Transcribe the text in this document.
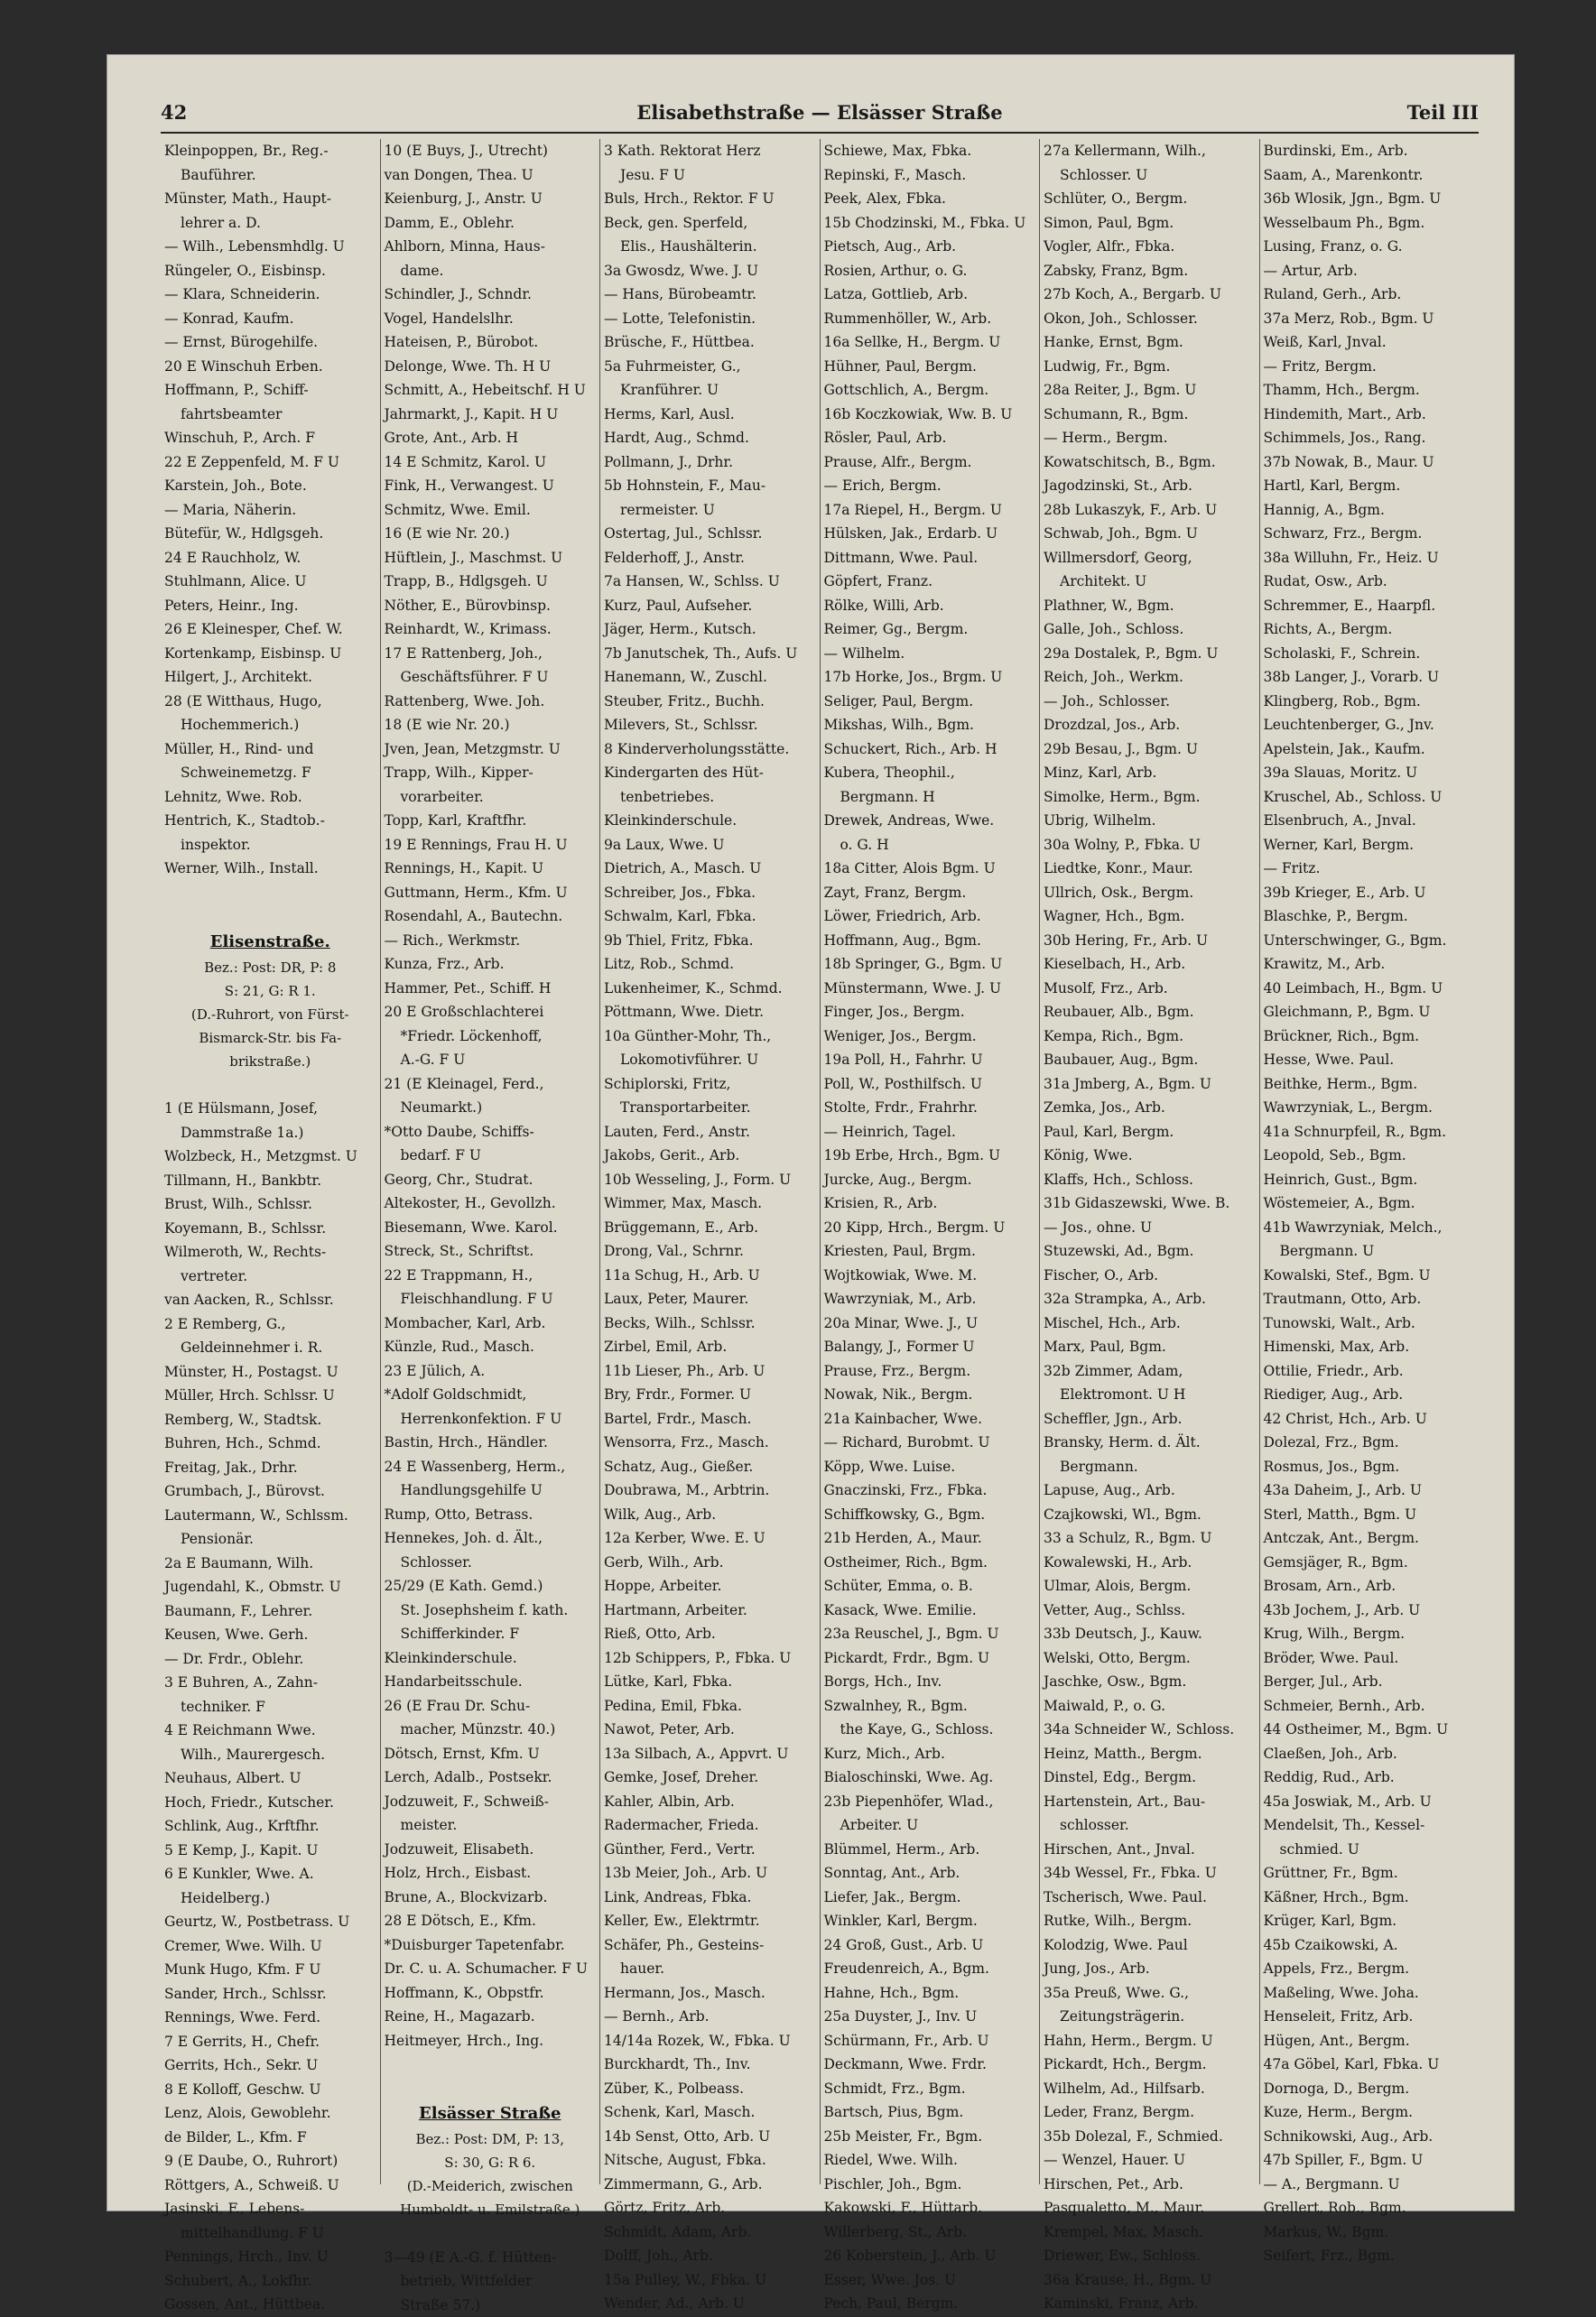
42	Elisabethstraße — Elsässer Straße	Teil III
Kleinpoppen, Br., Reg.-
Bauführer.
Münster, Math., Haupt-
lehrer a. D.
— Wilh., Lebensmhdlg. U
Rüngeler, O., Eisbinsp.
— Klara, Schneiderin.
— Konrad, Kaufm.
— Ernst, Bürogehilfe.
20 E Winschuh Erben.
Hoffmann, P., Schiff-
fahrtsbeamter
Winschuh, P., Arch. F
22 E Zeppenfeld, M. F U
Karstein, Joh., Bote.
— Maria, Näherin.
Bütefür, W., Hdlgsgeh.
24 E Rauchholz, W.
Stuhlmann, Alice. U
Peters, Heinr., Ing.
26 E Kleinesper, Chef. W.
Kortenkamp, Eisbinsp. U
Hilgert, J., Architekt.
28 (E Witthaus, Hugo,
Hochemmerich.)
Müller, H., Rind- und
Schweinemetzg. F
Lehnitz, Wwe. Rob.
Hentrich, K., Stadtob.-
inspektor.
Werner, Wilh., Install.
Elisenstraße.
Bez.: Post: DR, P: 8
S: 21, G: R 1.
(D.-Ruhrort, von Fürst-
Bismarck-Str. bis Fa-
brikstraße.)
1 (E Hülsmann, Josef,
Dammstraße 1a.)
Wolzbeck, H., Metzgmst. U
Tillmann, H., Bankbtr.
Brust, Wilh., Schlssr.
Koyemann, B., Schlssr.
Wilmeroth, W., Rechts-
vertreter.
van Aacken, R., Schlssr.
2 E Remberg, G.,
Geldeinnehmer i. R.
Münster, H., Postagst. U
Müller, Hrch. Schlssr. U
Remberg, W., Stadtsk.
Buhren, Hch., Schmd.
Freitag, Jak., Drhr.
Grumbach, J., Bürovst.
Lautermann, W., Schlssm.
Pensionär.
2a E Baumann, Wilh.
Jugendahl, K., Obmstr. U
Baumann, F., Lehrer.
Keusen, Wwe. Gerh.
— Dr. Frdr., Oblehr.
3 E Buhren, A., Zahn-
techniker. F
4 E Reichmann Wwe.
Wilh., Maurergesch.
Neuhaus, Albert. U
Hoch, Friedr., Kutscher.
Schlink, Aug., Krftfhr.
5 E Kemp, J., Kapit. U
6 E Kunkler, Wwe. A.
Heidelberg.)
Geurtz, W., Postbetrass. U
Cremer, Wwe. Wilh. U
Munk Hugo, Kfm. F U
Sander, Hrch., Schlssr.
Rennings, Wwe. Ferd.
7 E Gerrits, H., Chefr.
Gerrits, Hch., Sekr. U
8 E Kolloff, Geschw. U
Lenz, Alois, Gewoblehr.
de Bilder, L., Kfm. F
9 (E Daube, O., Ruhrort)
Röttgers, A., Schweiß. U
Jasinski, F., Lebens-
mittelhandlung. F U
Pennings, Hrch., Inv. U
Schubert, A., Lokfhr.
Gossen, Ant., Hüttbea.
10 (E Buys, J., Utrecht)
van Dongen, Thea. U
Keienburg, J., Anstr. U
Damm, E., Oblehr.
Ahlborn, Minna, Haus-
dame.
Schindler, J., Schndr.
Vogel, Handelslhr.
Hateisen, P., Bürobot.
Delonge, Wwe. Th. H U
Schmitt, A., Hebeitschf. H U
Jahrmarkt, J., Kapit. H U
Grote, Ant., Arb. H
14 E Schmitz, Karol. U
Fink, H., Verwangest. U
Schmitz, Wwe. Emil.
16 (E wie Nr. 20.)
Hüftlein, J., Maschmst. U
Trapp, B., Hdlgsgeh. U
Nöther, E., Bürovbinsp.
Reinhardt, W., Krimass.
17 E Rattenberg, Joh.,
Geschäftsführer. F U
Rattenberg, Wwe. Joh.
18 (E wie Nr. 20.)
Jven, Jean, Metzgmstr. U
Trapp, Wilh., Kipper-
vorarbeiter.
Topp, Karl, Kraftfhr.
19 E Rennings, Frau H. U
Rennings, H., Kapit. U
Guttmann, Herm., Kfm. U
Rosendahl, A., Bautechn.
— Rich., Werkmstr.
Kunza, Frz., Arb.
Hammer, Pet., Schiff. H
20 E Großschlachterei
*Friedr. Löckenhoff,
A.-G. F U
21 (E Kleinagel, Ferd.,
Neumarkt.)
*Otto Daube, Schiffs-
bedarf. F U
Georg, Chr., Studrat.
Altekoster, H., Gevollzh.
Biesemann, Wwe. Karol.
Streck, St., Schriftst.
22 E Trappmann, H.,
Fleischhandlung. F U
Mombacher, Karl, Arb.
Künzle, Rud., Masch.
23 E Jülich, A.
*Adolf Goldschmidt,
Herrenkonfektion. F U
Bastin, Hrch., Händler.
24 E Wassenberg, Herm.,
Handlungsgehilfe U
Rump, Otto, Betrass.
Hennekes, Joh. d. Ält.,
Schlosser.
25/29 (E Kath. Gemd.)
St. Josephsheim f. kath.
Schifferkinder. F
Kleinkinderschule.
Handarbeitsschule.
26 (E Frau Dr. Schu-
macher, Münzstr. 40.)
Dötsch, Ernst, Kfm. U
Lerch, Adalb., Postsekr.
Jodzuweit, F., Schweiß-
meister.
Jodzuweit, Elisabeth.
Holz, Hrch., Eisbast.
Brune, A., Blockvizarb.
28 E Dötsch, E., Kfm.
*Duisburger Tapetenfabr.
Dr. C. u. A. Schumacher. F U
Hoffmann, K., Obpstfr.
Reine, H., Magazarb.
Heitmeyer, Hrch., Ing.
Elsässer Straße
Bez.: Post: DM, P: 13,
S: 30, G: R 6.
(D.-Meiderich, zwischen
Humboldt- u. Emilstraße.)
3—49 (E A.-G. f. Hütten-
betrieb, Wittfelder
Straße 57.)
3 Kath. Rektorat Herz
Jesu. F U
Buls, Hrch., Rektor. F U
Beck, gen. Sperfeld,
Elis., Haushälterin.
3a Gwosdz, Wwe. J. U
— Hans, Bürobeamtr.
— Lotte, Telefonistin.
Brüsche, F., Hüttbea.
5a Fuhrmeister, G.,
Kranführer. U
Herms, Karl, Ausl.
Hardt, Aug., Schmd.
Pollmann, J., Drhr.
5b Hohnstein, F., Mau-
rermeister. U
Ostertag, Jul., Schlssr.
Felderhoff, J., Anstr.
7a Hansen, W., Schlss. U
Kurz, Paul, Aufseher.
Jäger, Herm., Kutsch.
7b Janutschek, Th., Aufs. U
Hanemann, W., Zuschl.
Steuber, Fritz., Buchh.
Milevers, St., Schlssr.
8 Kinderverholungsstätte.
Kindergarten des Hüt-
tenbetriebes.
Kleinkinderschule.
9a Laux, Wwe. U
Dietrich, A., Masch. U
Schreiber, Jos., Fbka.
Schwalm, Karl, Fbka.
9b Thiel, Fritz, Fbka.
Litz, Rob., Schmd.
Lukenheimer, K., Schmd.
Pöttmann, Wwe. Dietr.
10a Günther-Mohr, Th.,
Lokomotivführer. U
Schiplorski, Fritz,
Transportarbeiter.
Lauten, Ferd., Anstr.
Jakobs, Gerit., Arb.
10b Wesseling, J., Form. U
Wimmer, Max, Masch.
Brüggemann, E., Arb.
Drong, Val., Schrnr.
11a Schug, H., Arb. U
Laux, Peter, Maurer.
Becks, Wilh., Schlssr.
Zirbel, Emil, Arb.
11b Lieser, Ph., Arb. U
Bry, Frdr., Former. U
Bartel, Frdr., Masch.
Wensorra, Frz., Masch.
Schatz, Aug., Gießer.
Doubrawa, M., Arbtrin.
Wilk, Aug., Arb.
12a Kerber, Wwe. E. U
Gerb, Wilh., Arb.
Hoppe, Arbeiter.
Hartmann, Arbeiter.
Rieß, Otto, Arb.
12b Schippers, P., Fbka. U
Lütke, Karl, Fbka.
Pedina, Emil, Fbka.
Nawot, Peter, Arb.
13a Silbach, A., Appvrt. U
Gemke, Josef, Dreher.
Kahler, Albin, Arb.
Radermacher, Frieda.
Günther, Ferd., Vertr.
13b Meier, Joh., Arb. U
Link, Andreas, Fbka.
Keller, Ew., Elektrmtr.
Schäfer, Ph., Gesteins-
hauer.
Hermann, Jos., Masch.
— Bernh., Arb.
14/14a Rozek, W., Fbka. U
Burckhardt, Th., Inv.
Züber, K., Polbeass.
Schenk, Karl, Masch.
14b Senst, Otto, Arb. U
Nitsche, August, Fbka.
Zimmermann, G., Arb.
Görtz, Fritz, Arb.
Schmidt, Adam, Arb.
Dolff, Joh., Arb.
15a Pulley, W., Fbka. U
Wender, Ad., Arb. U
Schiewe, Max, Fbka.
Repinski, F., Masch.
Peek, Alex, Fbka.
15b Chodzinski, M., Fbka. U
Pietsch, Aug., Arb.
Rosien, Arthur, o. G.
Latza, Gottlieb, Arb.
Rummenhöller, W., Arb.
16a Sellke, H., Bergm. U
Hühner, Paul, Bergm.
Gottschlich, A., Bergm.
16b Koczkowiak, Ww. B. U
Rösler, Paul, Arb.
Prause, Alfr., Bergm.
— Erich, Bergm.
17a Riepel, H., Bergm. U
Hülsken, Jak., Erdarb. U
Dittmann, Wwe. Paul.
Göpfert, Franz.
Rölke, Willi, Arb.
Reimer, Gg., Bergm.
— Wilhelm.
17b Horke, Jos., Brgm. U
Seliger, Paul, Bergm.
Mikshas, Wilh., Bgm.
Schuckert, Rich., Arb. H
Kubera, Theophil.,
Bergmann. H
Drewek, Andreas, Wwe.
o. G. H
18a Citter, Alois Bgm. U
Zayt, Franz, Bergm.
Löwer, Friedrich, Arb.
Hoffmann, Aug., Bgm.
18b Springer, G., Bgm. U
Münstermann, Wwe. J. U
Finger, Jos., Bergm.
Weniger, Jos., Bergm.
19a Poll, H., Fahrhr. U
Poll, W., Posthilfsch. U
Stolte, Frdr., Frahrhr.
— Heinrich, Tagel.
19b Erbe, Hrch., Bgm. U
Jurcke, Aug., Bergm.
Krisien, R., Arb.
20 Kipp, Hrch., Bergm. U
Kriesten, Paul, Brgm.
Wojtkowiak, Wwe. M.
Wawrzyniak, M., Arb.
20a Minar, Wwe. J., U
Balangy, J., Former U
Prause, Frz., Bergm.
Nowak, Nik., Bergm.
21a Kainbacher, Wwe.
— Richard, Burobmt. U
Köpp, Wwe. Luise.
Gnaczinski, Frz., Fbka.
Schiffkowsky, G., Bgm.
21b Herden, A., Maur.
Ostheimer, Rich., Bgm.
Schüter, Emma, o. B.
Kasack, Wwe. Emilie.
23a Reuschel, J., Bgm. U
Pickardt, Frdr., Bgm. U
Borgs, Hch., Inv.
Szwalnhey, R., Bgm.
the Kaye, G., Schloss.
Kurz, Mich., Arb.
Bialoschinski, Wwe. Ag.
23b Piepenhöfer, Wlad.,
Arbeiter. U
Blümmel, Herm., Arb.
Sonntag, Ant., Arb.
Liefer, Jak., Bergm.
Winkler, Karl, Bergm.
24 Groß, Gust., Arb. U
Freudenreich, A., Bgm.
Hahne, Hch., Bgm.
25a Duyster, J., Inv. U
Schürmann, Fr., Arb. U
Deckmann, Wwe. Frdr.
Schmidt, Frz., Bgm.
Bartsch, Pius, Bgm.
25b Meister, Fr., Bgm.
Riedel, Wwe. Wilh.
Pischler, Joh., Bgm.
Kakowski, F., Hüttarb.
Willerberg, St., Arb.
26 Koberstein, J., Arb. U
Esser, Wwe. Jos. U
Pech, Paul, Bergm.
27a Kellermann, Wilh.,
Schlosser. U
Schlüter, O., Bergm.
Simon, Paul, Bgm.
Vogler, Alfr., Fbka.
Zabsky, Franz, Bgm.
27b Koch, A., Bergarb. U
Okon, Joh., Schlosser.
Hanke, Ernst, Bgm.
Ludwig, Fr., Bgm.
28a Reiter, J., Bgm. U
Schumann, R., Bgm.
— Herm., Bergm.
Kowatschitsch, B., Bgm.
Jagodzinski, St., Arb.
28b Lukaszyk, F., Arb. U
Schwab, Joh., Bgm. U
Willmersdorf, Georg,
Architekt. U
Plathner, W., Bgm.
Galle, Joh., Schloss.
29a Dostalek, P., Bgm. U
Reich, Joh., Werkm.
— Joh., Schlosser.
Drozdzal, Jos., Arb.
29b Besau, J., Bgm. U
Minz, Karl, Arb.
Simolke, Herm., Bgm.
Ubrig, Wilhelm.
30a Wolny, P., Fbka. U
Liedtke, Konr., Maur.
Ullrich, Osk., Bergm.
Wagner, Hch., Bgm.
30b Hering, Fr., Arb. U
Kieselbach, H., Arb.
Musolf, Frz., Arb.
Reubauer, Alb., Bgm.
Kempa, Rich., Bgm.
Baubauer, Aug., Bgm.
31a Jmberg, A., Bgm. U
Zemka, Jos., Arb.
Paul, Karl, Bergm.
König, Wwe.
Klaffs, Hch., Schloss.
31b Gidaszewski, Wwe. B.
— Jos., ohne. U
Stuzewski, Ad., Bgm.
Fischer, O., Arb.
32a Strampka, A., Arb.
Mischel, Hch., Arb.
Marx, Paul, Bgm.
32b Zimmer, Adam,
Elektromont. U H
Scheffler, Jgn., Arb.
Bransky, Herm. d. Ält.
Bergmann.
Lapuse, Aug., Arb.
Czajkowski, Wl., Bgm.
33 a Schulz, R., Bgm. U
Kowalewski, H., Arb.
Ulmar, Alois, Bergm.
Vetter, Aug., Schlss.
33b Deutsch, J., Kauw.
Welski, Otto, Bergm.
Jaschke, Osw., Bgm.
Maiwald, P., o. G.
34a Schneider W., Schloss.
Heinz, Matth., Bergm.
Dinstel, Edg., Bergm.
Hartenstein, Art., Bau-
schlosser.
Hirschen, Ant., Jnval.
34b Wessel, Fr., Fbka. U
Tscherisch, Wwe. Paul.
Rutke, Wilh., Bergm.
Kolodzig, Wwe. Paul
Jung, Jos., Arb.
35a Preuß, Wwe. G.,
Zeitungsträgerin.
Hahn, Herm., Bergm. U
Pickardt, Hch., Bergm.
Wilhelm, Ad., Hilfsarb.
Leder, Franz, Bergm.
35b Dolezal, F., Schmied.
— Wenzel, Hauer. U
Hirschen, Pet., Arb.
Pasqualetto, M., Maur.
Krempel, Max, Masch.
Driewer, Ew., Schloss.
36a Krause, H., Bgm. U
Kaminski, Franz, Arb.
Burdinski, Em., Arb.
Saam, A., Marenkontr.
36b Wlosik, Jgn., Bgm. U
Wesselbaum Ph., Bgm.
Lusing, Franz, o. G.
— Artur, Arb.
Ruland, Gerh., Arb.
37a Merz, Rob., Bgm. U
Weiß, Karl, Jnval.
— Fritz, Bergm.
Thamm, Hch., Bergm.
Hindemith, Mart., Arb.
Schimmels, Jos., Rang.
37b Nowak, B., Maur. U
Hartl, Karl, Bergm.
Hannig, A., Bgm.
Schwarz, Frz., Bergm.
38a Willuhn, Fr., Heiz. U
Rudat, Osw., Arb.
Schremmer, E., Haarpfl.
Richts, A., Bergm.
Scholaski, F., Schrein.
38b Langer, J., Vorarb. U
Klingberg, Rob., Bgm.
Leuchtenberger, G., Jnv.
Apelstein, Jak., Kaufm.
39a Slauas, Moritz. U
Kruschel, Ab., Schloss. U
Elsenbruch, A., Jnval.
Werner, Karl, Bergm.
— Fritz.
39b Krieger, E., Arb. U
Blaschke, P., Bergm.
Unterschwinger, G., Bgm.
Krawitz, M., Arb.
40 Leimbach, H., Bgm. U
Gleichmann, P., Bgm. U
Brückner, Rich., Bgm.
Hesse, Wwe. Paul.
Beithke, Herm., Bgm.
Wawrzyniak, L., Bergm.
41a Schnurpfeil, R., Bgm.
Leopold, Seb., Bgm.
Heinrich, Gust., Bgm.
Wöstemeier, A., Bgm.
41b Wawrzyniak, Melch.,
Bergmann. U
Kowalski, Stef., Bgm. U
Trautmann, Otto, Arb.
Tunowski, Walt., Arb.
Himenski, Max, Arb.
Ottilie, Friedr., Arb.
Riediger, Aug., Arb.
42 Christ, Hch., Arb. U
Dolezal, Frz., Bgm.
Rosmus, Jos., Bgm.
43a Daheim, J., Arb. U
Sterl, Matth., Bgm. U
Antczak, Ant., Bergm.
Gemsjäger, R., Bgm.
Brosam, Arn., Arb.
43b Jochem, J., Arb. U
Krug, Wilh., Bergm.
Bröder, Wwe. Paul.
Berger, Jul., Arb.
Schmeier, Bernh., Arb.
44 Ostheimer, M., Bgm. U
Claeßen, Joh., Arb.
Reddig, Rud., Arb.
45a Joswiak, M., Arb. U
Mendelsit, Th., Kessel-
schmied. U
Grüttner, Fr., Bgm.
Käßner, Hrch., Bgm.
Krüger, Karl, Bgm.
45b Czaikowski, A.
Appels, Frz., Bergm.
Maßeling, Wwe. Joha.
Henseleit, Fritz, Arb.
Hügen, Ant., Bergm.
47a Göbel, Karl, Fbka. U
Dornoga, D., Bergm.
Kuze, Herm., Bergm.
Schnikowski, Aug., Arb.
47b Spiller, F., Bgm. U
— A., Bergmann. U
Grellert, Rob., Bgm.
Markus, W., Bgm.
Seifert, Frz., Bgm.
